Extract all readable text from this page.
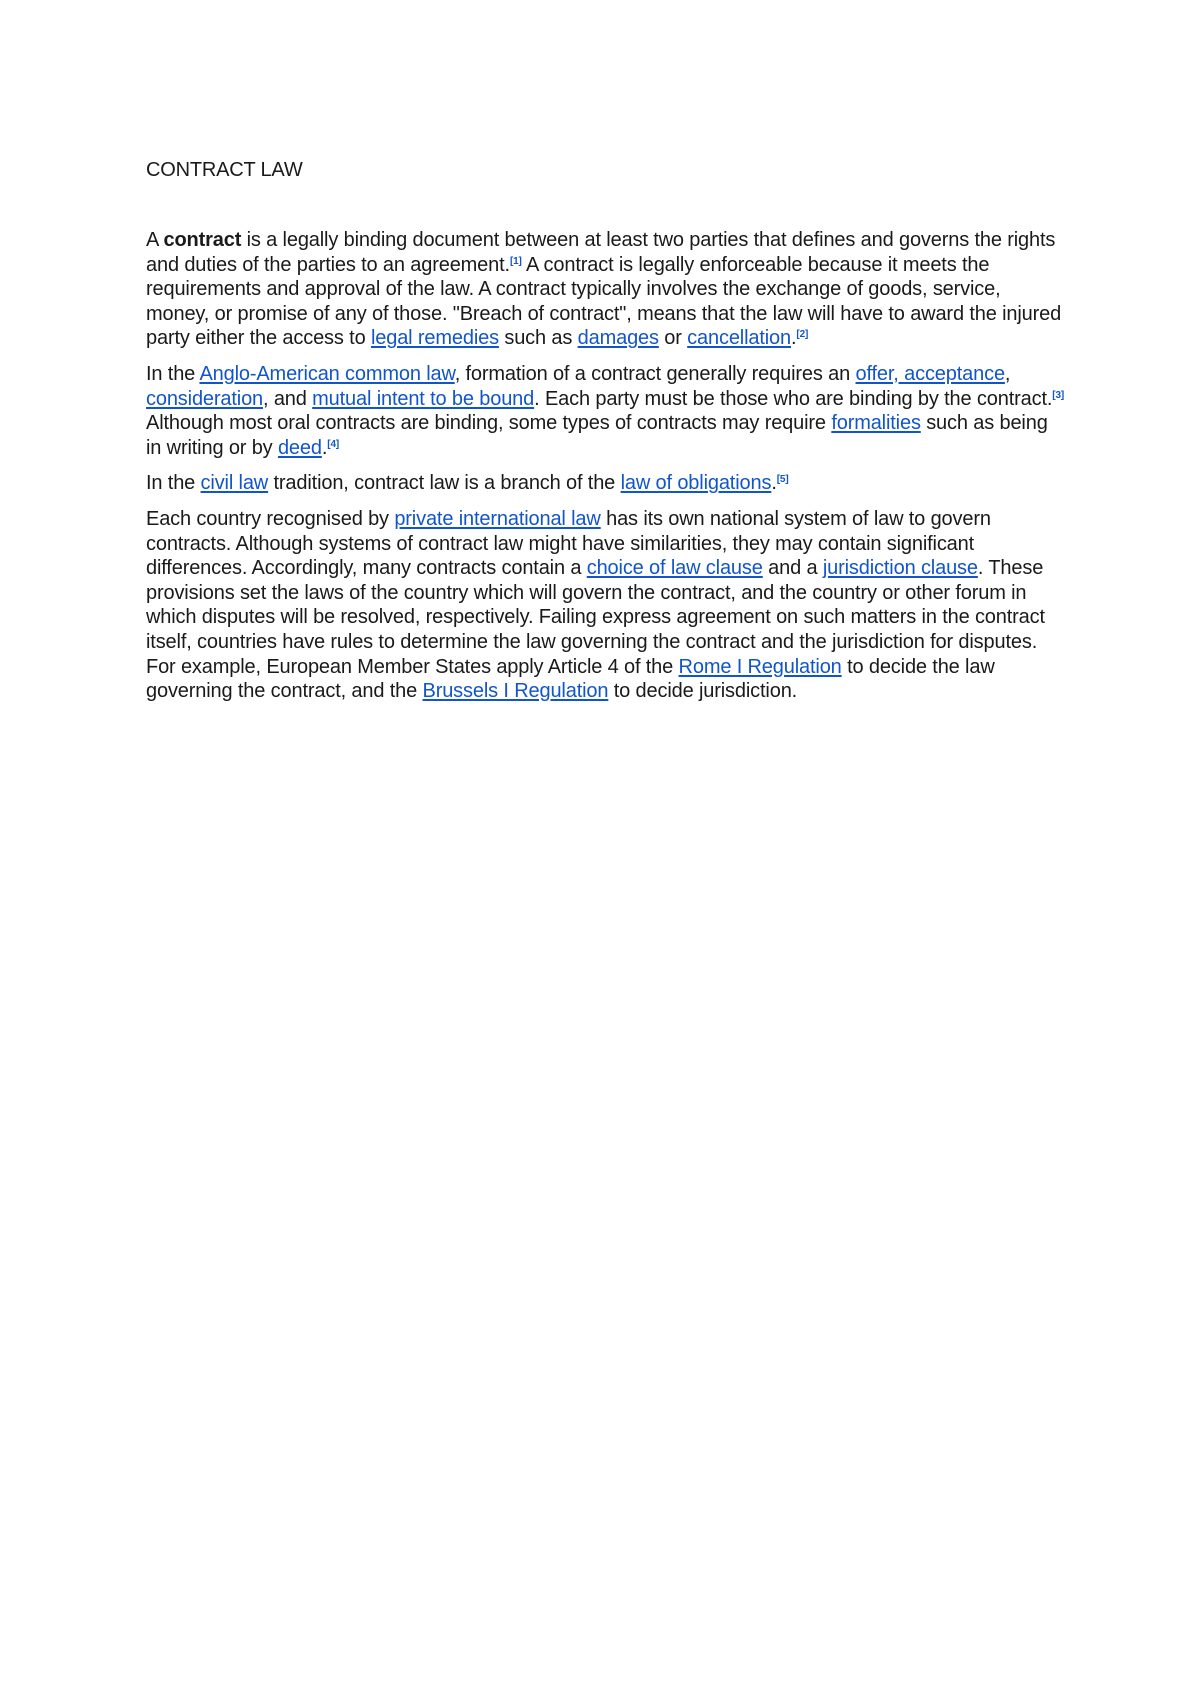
CONTRACT LAW

A contract is a legally binding document between at least two parties that defines and governs the rights and duties of the parties to an agreement.[1] A contract is legally enforceable because it meets the requirements and approval of the law. A contract typically involves the exchange of goods, service, money, or promise of any of those. "Breach of contract", means that the law will have to award the injured party either the access to legal remedies such as damages or cancellation.[2]

In the Anglo-American common law, formation of a contract generally requires an offer, acceptance, consideration, and mutual intent to be bound. Each party must be those who are binding by the contract.[3] Although most oral contracts are binding, some types of contracts may require formalities such as being in writing or by deed.[4]

In the civil law tradition, contract law is a branch of the law of obligations.[5]

Each country recognised by private international law has its own national system of law to govern contracts. Although systems of contract law might have similarities, they may contain significant differences. Accordingly, many contracts contain a choice of law clause and a jurisdiction clause. These provisions set the laws of the country which will govern the contract, and the country or other forum in which disputes will be resolved, respectively. Failing express agreement on such matters in the contract itself, countries have rules to determine the law governing the contract and the jurisdiction for disputes. For example, European Member States apply Article 4 of the Rome I Regulation to decide the law governing the contract, and the Brussels I Regulation to decide jurisdiction.
